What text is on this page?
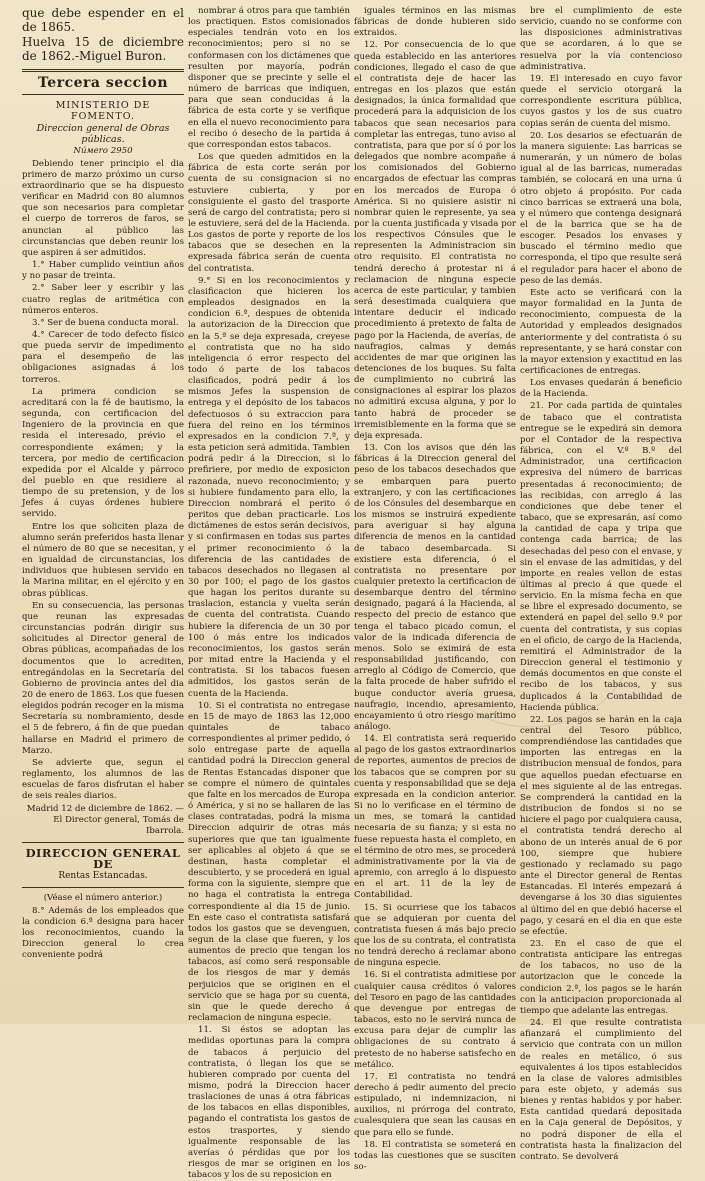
que debe espender en el de 1865.

Huelva 15 de diciembre de 1862.-Miguel Buron.

Tercera seccion

MINISTERIO DE FOMENTO.

Direccion general de Obras públicas.

Núмero 2950

Debiendo tener principio el dia primero de marzo próximo un curso extraordinario que se ha dispuesto verificar en Madrid con 80 alumnos que son necesarios para completar el cuerpo de torreros de faros, se anuncian al público las circunstancias que deben reunir los que aspiren á ser admitidos.

1.° Haber cumplido veintiun años y no pasar de treinta.

2.° Saber leer y escribir y las cuatro reglas de aritmética con números enteros.

3.° Ser de buena conducta moral.

4.° Carecer de todo defecto físico que pueda servir de impedimento para el desempeño de las obligaciones asignadas á los torreros.

La primera condicion se acreditará con la fé de bautismo, la segunda, con certificacion del Ingeniero de la provincia en que resida el interesado, prévio el correspondiente exámen; y la tercera, por medio de certificacion expedida por el Alcalde y párroco del pueblo en que residiere al tiempo de su pretension, y de los Jefes á cuyas órdenes hubiere servido.

Entre los que soliciten plaza de alumno serán preferidos hasta llenar el número de 80 que se necesitan, y en igualdad de circunstancias, los individuos que hubiesen servido en la Marina militar, en el ejército y en obras públicas.

En su consecuencia, las personas que reunan las expresadas circunstancias podrán dirigir sus solicitudes al Director general de Obras públicas, acompañadas de los documentos que lo acrediten, entregándolas en la Secretaría del Gobierno de provincia antes del dia 20 de enero de 1863. Los que fuesen elegidos podrán recoger en la misma Secretaría su nombramiento, desde el 5 de febrero, á fin de que puedan hallarse en Madrid el primero de Marzo.

Se advierte que, segun el reglamento, los alumnos de las escuelas de faros disfrutan el haber de seis reales diarios.

Madrid 12 de diciembre de 1862. —El Director general, Tomás de Ibarrola.

DIRECCION GENERAL DE

Rentas Estancadas.

(Véase el número anterior.)

8.° Además de los empleados que la condicion 6.ª designa para hacer los reconocimientos, cuando la Direccion general lo crea conveniente podrá

nombrar á otros para que también los practiquen. Estos comisionados especiales tendrán voto en los reconocimientos; pero si no se conformasen con los dictámenes que resulten por mayoría, podrán disponer que se precinte y selle el número de barricas que indiquen, para que sean conducidas á la fábrica de esta corte y se verifique en ella el nuevo reconocimiento para el recibo ó desecho de la partida á que correspondan estos tabacos.

Los que queden admitidos en la fábrica de esta corte serán por cuenta de su consignacion si no estuviere cubierta, y por consiguiente el gasto del trasporte será de cargo del contratista; pero si le estuviere, será del de la Hacienda. Los gastos de porte y reporte de los tabacos que se desechen en la expresada fábrica serán de cuenta del contratista.

9.° Si en los reconocimientos y clasificacion que hicieren los empleados designados en la condicion 6.ª, despues de obtenida la autorizacion de la Direccion que en la 5.ª se deja expresada, creyese el contratista que no ha sido inteligencia ó error respecto del todo ó parte de los tabacos clasificados, podrá pedir á los mismos Jefes la suspension de entrega y el depósito de los tabacos defectuosos ó su extraccion para fuera del reino en los términos expresados en la condicion 7.ª, y esta peticion será admitida. Tambien podrá pedir á la Direccion, si lo prefiriere, por medio de exposicion razonada, nuevo reconocimiento; y si hubiere fundamento para ello, la Direccion nombrará el perito ó peritos que deban practicarle. Los dictámenes de estos serán decisivos, y si confirmasen en todas sus partes el primer reconocimiento ó la diferencia de las cantidades de tabacos desechados no llegasen al 30 por 100; el pago de los gastos que hagan los peritos durante su traslacion, estancia y vuelta serán de cuenta del contratista. Cuando hubiere la diferencia de un 30 por 100 ó más entre los indicados reconocimientos, los gastos serán por mitad entre la Hacienda y el contratista. Si los tabacos fuesen admitidos, los gastos serán de cuenta de la Hacienda.

10. Si el contratista no entregase en 15 de mayo de 1863 las 12,000 quintales de tabaco correspondientes al primer pedido, ó solo entregase parte de aquella cantidad podrá la Direccion general de Rentas Estancadas disponer que se compre el número de quintales que falte en los mercados de Europa ó América, y si no se hallaren de las clases contratadas, podrá la misma Direccion adquirir de otras más superiores que que tan igualmente ser aplicables al objeto á que se destinan, hasta completar el descubierto, y se procederá en igual forma con la siguiente, siempre que no haga el contratista la entrega correspondiente al dia 15 de junio. En este caso el contratista satisfará todos los gastos que se devenguen, segun de la clase que fueren, y los aumentos de precio que tengan los tabacos, así como será responsable de los riesgos de mar y demás perjuicios que se originen en el servicio que se haga por su cuenta, sin que le quede derecho á reclamacion de ninguna especie.

11. Si éstos se adoptan las medidas oportunas para la compra de tabacos á perjuicio del contratista, ó llegan los que se hubieren comprado por cuenta del mismo, podrá la Direccion hacer traslaciones de unas á otra fábricas de los tabacos en ellas disponibles, pagando el contratista los gastos de estos trasportes, y siendo igualmente responsable de las averías ó pérdidas que por los riesgos de mar se originen en los tabacos y los de su reposicion en

iguales términos en las mismas fábricas de donde hubieren sido extraidos.

12. Por consecuencia de lo que queda establecido en las anteriores condiciones, llegado el caso de que el contratista deje de hacer las entregas en los plazos que están designados, la única formalidad que procederá para la adquisicion de los tabacos que sean necesarios para completar las entregas, tuno aviso al contratista, para que por sí ó por los delegados que nombre acompañe á los comisionados del Gobierno encargados de efectuar las compras en los mercados de Europa ó América. Si no quisiere asistir ni nombrar quien le represente, ya sea por la cuenta justificada y visada por los respectivos Cónsules que le representen la Administracion sin otro requisito. El contratista no tendrá derecho á protestar ni á reclamacion de ninguna especie acerca de este particular, y tambien será desestimada cualquiera que intentare deducir el indicado procedimiento á pretexto de falta de pago por la Hacienda, de averías, de naufragios, calmas y demás accidentes de mar que originen las detenciones de los buques. Su falta de cumplimiento no cubrirá las consignaciones al espirar los plazos no admitirá excusa alguna, y por lo tanto habrá de proceder se irremisiblemente en la forma que se deja expresada.

13. Con los avisos que dén las fábricas á la Direccion general del peso de los tabacos desechados que se embarquen para puerto extranjero, y con las certificaciones de los Cónsules del desembarque en los mismos se instruirá expediente para averiguar si hay alguna diferencia de menos en la cantidad de tabaco desembarcada. Si existiere esta diferencia, ó el contratista no presentare por cualquier pretexto la certificacion de desembarque dentro del término designado, pagará á la Hacienda, al respecto del precio de estanco que tenga el tabaco picado comun, el valor de la indicada diferencia de menos. Solo se eximirá de esta responsabilidad justificando, con arreglo al Código de Comercio, que la falta procede de haber sufrido el buque conductor avería gruesa, naufragio, incendio, apresamiento, encayamiento ú otro riesgo marítimo análogo.

14. El contratista será requerido al pago de los gastos extraordinarios de reportes, aumentos de precios de los tabacos que se compren por su cuenta y responsabilidad que se deja expresada en la condicion anterior. Si no lo verificase en el término de un mes, se tomará la cantidad necesaria de su fianza; y si esta no fuese repuesta hasta el completo, en el término de otro mes, se procederá administrativamente por la via de apremio, con arreglo á lo dispuesto en el art. 11 de la ley de Contabilidad.

15. Si ocurriese que los tabacos que se adquieran por cuenta del contratista fuesen á más bajo precio que los de su contrata, el contratista no tendrá derecho á reclamar abono de ninguna especie.

16. Si el contratista admitiese por cualquier causa créditos ó valores del Tesoro en pago de las cantidades que devengue por entregas de tabacos, esto no le servirá nunca de excusa para dejar de cumplir las obligaciones de su contrato á pretesto de no haberse satisfecho en metálico.

17. El contratista no tendrá derecho á pedir aumento del precio estipulado, ni indemnizacion, ni auxilios, ni prórroga del contrato, cualesquiera que sean las causas en que para ello se funde.

18. El contratista se someterá en todas las cuestiones que se susciten so-

bre el cumplimiento de este servicio, cuando no se conforme con las disposiciones administrativas que se acordaren, á lo que se resuelva por la vía contencioso administrativa.

19. El interesado en cuyo favor quede el servicio otorgará la correspondiente escritura pública, cuyos gastos y los de sus cuatro copias serán de cuenta del mismo.

20. Los desarios se efectuarán de la manera siguiente: Las barricas se numerarán, y un número de bolas igual al de las barricas, numeradas también, se colocará en una urna ú otro objeto á propósito. Por cada cinco barricas se extraerá una bola, y el número que contenga designará el de la barrica que se ha de escoger. Pesados los envases y buscado el término medio que corresponda, el tipo que resulte será el regulador para hacer el abono de peso de las demás.

Este acto se verificará con la mayor formalidad en la Junta de reconocimiento, compuesta de la Autoridad y empleados designados anteriormente y del contratista ó su representante, y se hará constar con la mayor extension y exactitud en las certificaciones de entregas.

Los envases quedarán á beneficio de la Hacienda.

21. Por cada partida de quintales de tabaco que el contratista entregue se le expedirá sin demora por el Contador de la respectiva fábrica, con el V.º B.º del Administrador, una certificacion expresiva del número de barricas presentadas á reconocimiento; de las recibidas, con arreglo á las condiciones que debe tener el tabaco, que se expresarán, así como la cantidad de capa y tripa que contenga cada barrica; de las desechadas del peso con el envase, y sin el envase de las admitidas, y del importe en reales vellon de estas últimas al precio á que quede el servicio. En la misma fecha en que se libre el expresado documento, se extenderá en papel del sello 9.º por cuenta del contratista, y sus copias en el oficio, de cargo de la Hacienda, remitirá el Administrador de la Direccion general el testimonio y demás documentos en que conste el recibo de los tabacos, y sus duplicados á la Contabilidad de Hacienda pública.

22. Los pagos se harán en la caja central del Tesoro público, comprendiéndose las cantidades que importen las entregas en la distribucion mensual de fondos, para que aquellos puedan efectuarse en el mes siguiente al de las entregas. Se comprenderá la cantidad en la distribucion de fondos si no se hiciere el pago por cualquiera causa, el contratista tendrá derecho al abono de un interés anual de 6 por 100, siempre que hubiere gestionado y reclamado su pago ante el Director general de Rentas Estancadas. El interés empezará á devengarse á los 30 dias siguientes al último del en que debió hacerse el pago, y cesará en el dia en que este se efectúe.

23. En el caso de que el contratista anticipare las entregas de los tabacos, no uso de la autorizacion que le concede la condicion 2.ª, los pagos se le harán con la anticipacion proporcionada al tiempo que adelante las entregas.

24. El que resulte contratista afianzará el cumplimiento del servicio que contrata con un millon de reales en metálico, ó sus equivalentes á los tipos establecidos en la clase de valores admisibles para este objeto, y además sus bienes y rentas habidos y por haber. Esta cantidad quedará depositada en la Caja general de Depósitos, y no podrá disponer de ella el contratista hasta la finalizacion del contrato. Se devolverá
